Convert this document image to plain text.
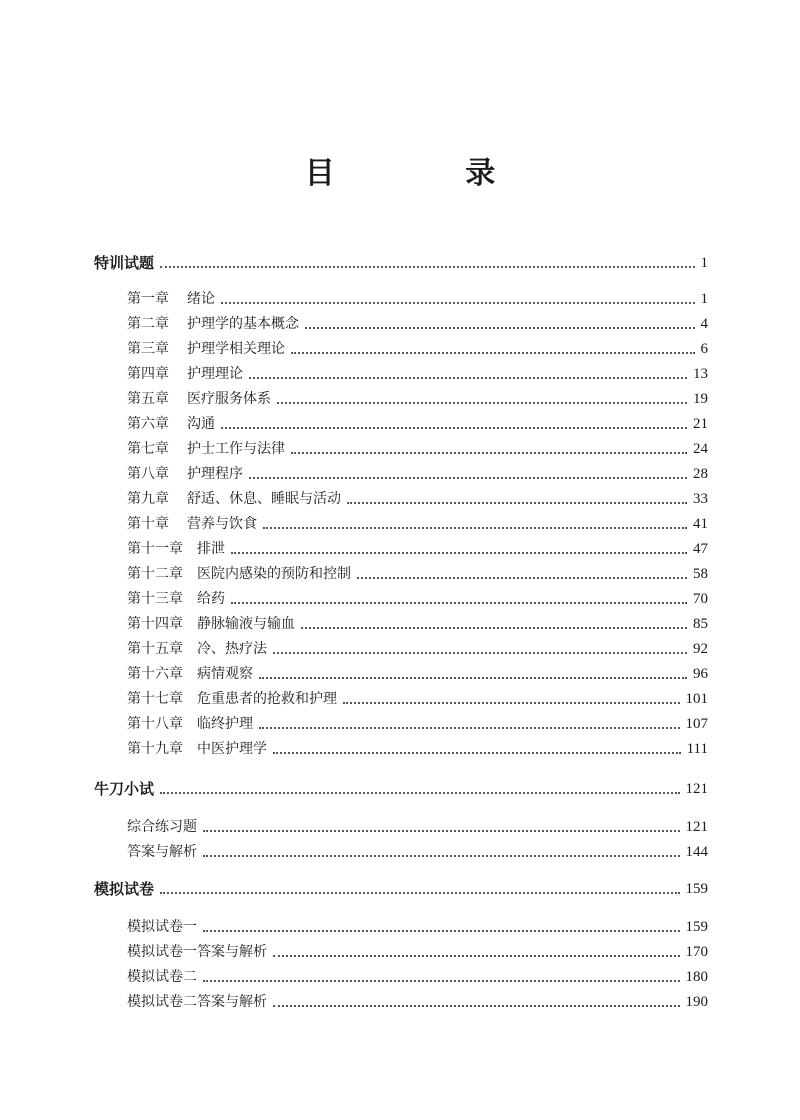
目 录
特训试题	1
第一章 绪论	1
第二章 护理学的基本概念	4
第三章 护理学相关理论	6
第四章 护理理论	13
第五章 医疗服务体系	19
第六章 沟通	21
第七章 护士工作与法律	24
第八章 护理程序	28
第九章 舒适、休息、睡眠与活动	33
第十章 营养与饮食	41
第十一章 排泄	47
第十二章 医院内感染的预防和控制	58
第十三章 给药	70
第十四章 静脉输液与输血	85
第十五章 冷、热疗法	92
第十六章 病情观察	96
第十七章 危重患者的抢救和护理	101
第十八章 临终护理	107
第十九章 中医护理学	111
牛刀小试	121
综合练习题	121
答案与解析	144
模拟试卷	159
模拟试卷一	159
模拟试卷一答案与解析	170
模拟试卷二	180
模拟试卷二答案与解析	190
